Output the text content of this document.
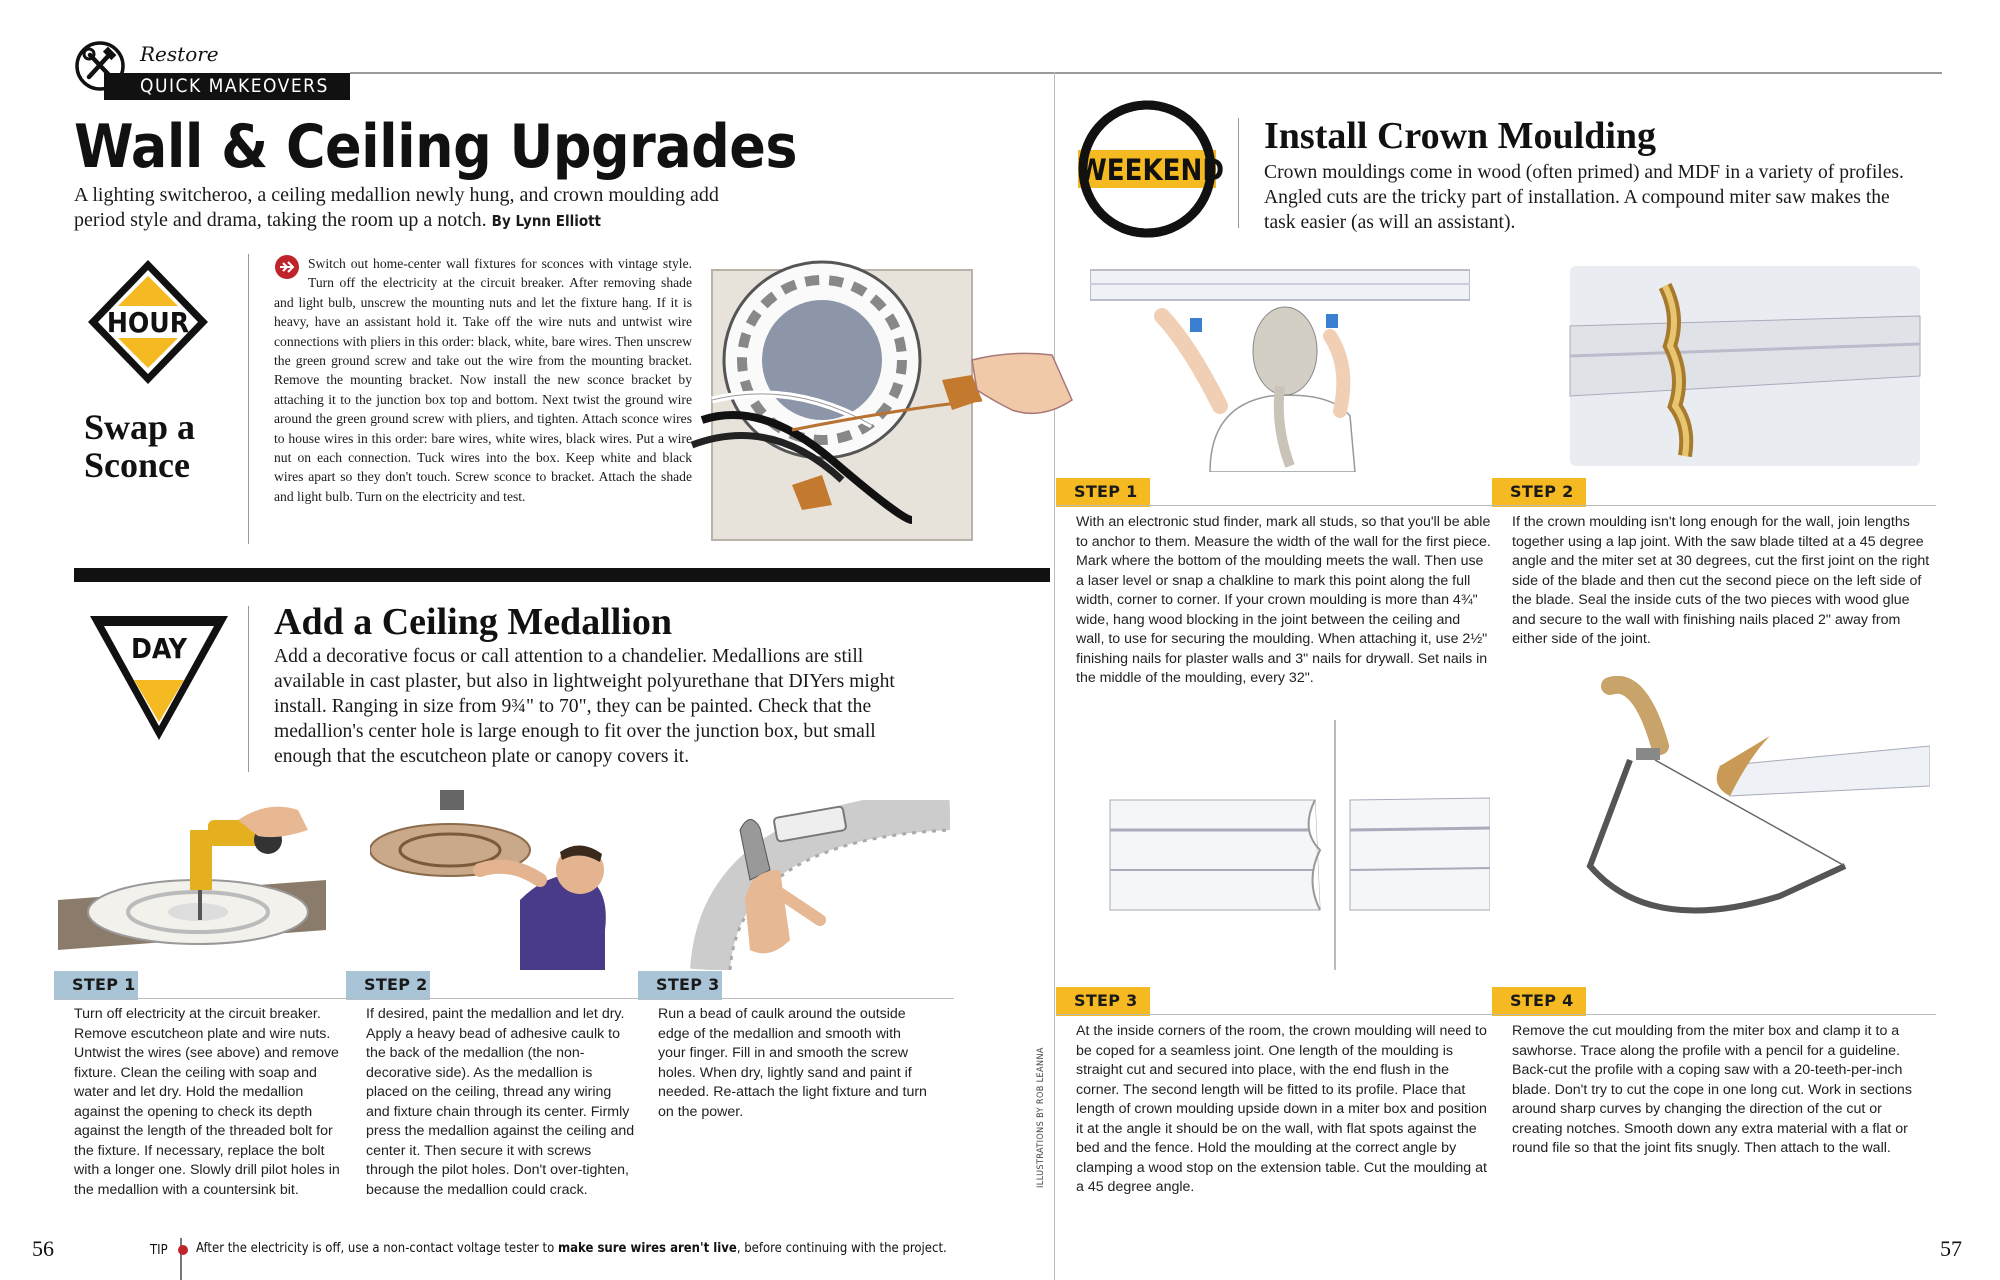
Restore
QUICK MAKEOVERS
Wall & Ceiling Upgrades
A lighting switcheroo, a ceiling medallion newly hung, and crown moulding add period style and drama, taking the room up a notch. By Lynn Elliott
HOUR
Swap a Sconce
Switch out home-center wall fixtures for sconces with vintage style. Turn off the electricity at the circuit breaker. After removing shade and light bulb, unscrew the mounting nuts and let the fixture hang. If it is heavy, have an assistant hold it. Take off the wire nuts and untwist wire connections with pliers in this order: black, white, bare wires. Then unscrew the green ground screw and take out the wire from the mounting bracket. Remove the mounting bracket. Now install the new sconce bracket by attaching it to the junction box top and bottom. Next twist the ground wire around the green ground screw with pliers, and tighten. Attach sconce wires to house wires in this order: bare wires, white wires, black wires. Put a wire nut on each connection. Tuck wires into the box. Keep white and black wires apart so they don't touch. Screw sconce to bracket. Attach the shade and light bulb. Turn on the electricity and test.
DAY
Add a Ceiling Medallion
Add a decorative focus or call attention to a chandelier. Medallions are still available in cast plaster, but also in lightweight polyurethane that DIYers might install. Ranging in size from 9¾" to 70", they can be painted. Check that the medallion's center hole is large enough to fit over the junction box, but small enough that the escutcheon plate or canopy covers it.
STEP 1	STEP 2	STEP 3
Turn off electricity at the circuit breaker. Remove escutcheon plate and wire nuts. Untwist the wires (see above) and remove fixture. Clean the ceiling with soap and water and let dry. Hold the medallion against the opening to check its depth against the length of the threaded bolt for the fixture. If necessary, replace the bolt with a longer one. Slowly drill pilot holes in the medallion with a countersink bit.
If desired, paint the medallion and let dry. Apply a heavy bead of adhesive caulk to the back of the medallion (the non-decorative side). As the medallion is placed on the ceiling, thread any wiring and fixture chain through its center. Firmly press the medallion against the ceiling and center it. Then secure it with screws through the pilot holes. Don't over-tighten, because the medallion could crack.
Run a bead of caulk around the outside edge of the medallion and smooth with your finger. Fill in and smooth the screw holes. When dry, lightly sand and paint if needed. Re-attach the light fixture and turn on the power.	ILLUSTRATIONS BY ROB LEANNA
56	TIP After the electricity is off, use a non-contact voltage tester to make sure wires aren't live, before continuing with the project.
WEEKEND
Install Crown Moulding
Crown mouldings come in wood (often primed) and MDF in a variety of profiles. Angled cuts are the tricky part of installation. A compound miter saw makes the task easier (as will an assistant).
STEP 1	STEP 2
With an electronic stud finder, mark all studs, so that you'll be able to anchor to them. Measure the width of the wall for the first piece. Mark where the bottom of the moulding meets the wall. Then use a laser level or snap a chalkline to mark this point along the full width, corner to corner. If your crown moulding is more than 4¾" wide, hang wood blocking in the joint between the ceiling and wall, to use for securing the moulding. When attaching it, use 2½" finishing nails for plaster walls and 3" nails for drywall. Set nails in the middle of the moulding, every 32".
If the crown moulding isn't long enough for the wall, join lengths together using a lap joint. With the saw blade tilted at a 45 degree angle and the miter set at 30 degrees, cut the first joint on the right side of the blade and then cut the second piece on the left side of the blade. Seal the inside cuts of the two pieces with wood glue and secure to the wall with finishing nails placed 2" away from either side of the joint.
STEP 3	STEP 4
At the inside corners of the room, the crown moulding will need to be coped for a seamless joint. One length of the moulding is straight cut and secured into place, with the end flush in the corner. The second length will be fitted to its profile. Place that length of crown moulding upside down in a miter box and position it at the angle it should be on the wall, with flat spots against the bed and the fence. Hold the moulding at the correct angle by clamping a wood stop on the extension table. Cut the moulding at a 45 degree angle.
Remove the cut moulding from the miter box and clamp it to a sawhorse. Trace along the profile with a pencil for a guideline. Back-cut the profile with a coping saw with a 20-teeth-per-inch blade. Don't try to cut the cope in one long cut. Work in sections around sharp curves by changing the direction of the cut or creating notches. Smooth down any extra material with a flat or round file so that the joint fits snugly. Then attach to the wall.
57
